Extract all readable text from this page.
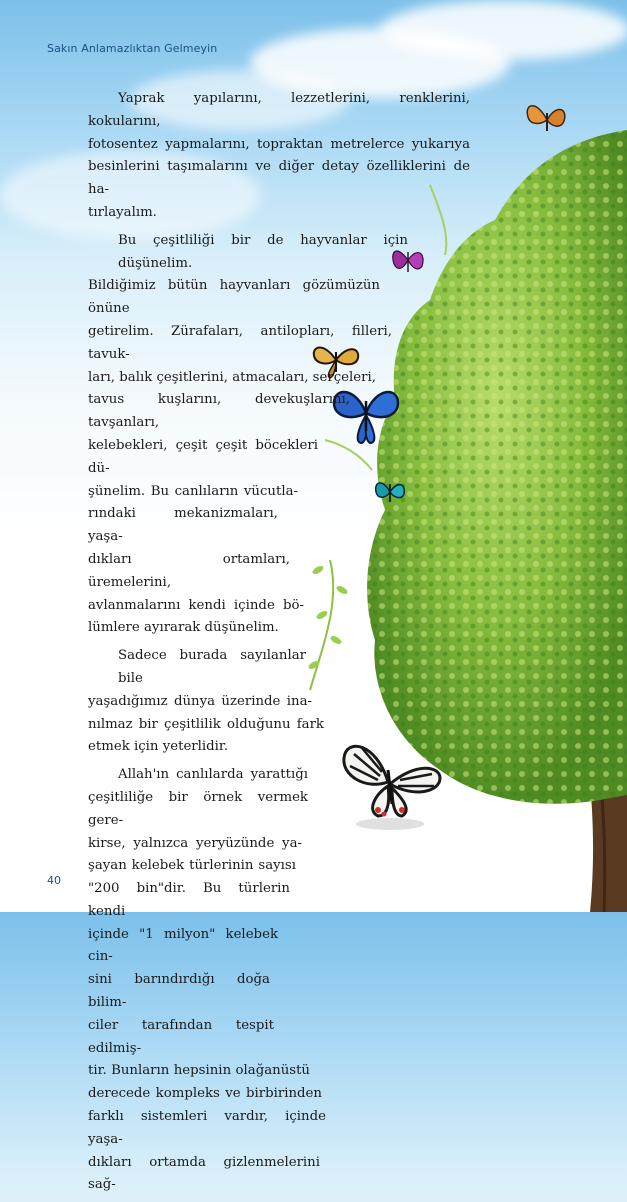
Sakın Anlamazlıktan Gelmeyin

Yaprak yapılarını, lezzetlerini, renklerini, kokularını,
fotosentez yapmalarını, topraktan metrelerce yukarıya
besinlerini taşımalarını ve diğer detay özelliklerini de ha-
tırlayalım.

Bu çeşitliliği bir de hayvanlar için düşünelim.
Bildiğimiz bütün hayvanları gözümüzün önüne
getirelim. Zürafaları, antilopları, filleri, tavuk-
ları, balık çeşitlerini, atmacaları, serçeleri,
tavus kuşlarını, devekuşlarını, tavşanları,
kelebekleri, çeşit çeşit böcekleri dü-
şünelim. Bu canlıların vücutla-
rındaki mekanizmaları, yaşa-
dıkları ortamları, üremelerini,
avlanmalarını kendi içinde bö-
lümlere ayırarak düşünelim.

Sadece burada sayılanlar bile
yaşadığımız dünya üzerinde ina-
nılmaz bir çeşitlilik olduğunu fark
etmek için yeterlidir.

Allah'ın canlılarda yarattığı
çeşitliliğe bir örnek vermek gere-
kirse, yalnızca yeryüzünde ya-
şayan kelebek türlerinin sayısı
"200 bin"dir. Bu türlerin kendi
içinde "1 milyon" kelebek cin-
sini barındırdığı doğa bilim-
ciler tarafından tespit edilmiş-
tir. Bunların hepsinin olağanüstü
derecede kompleks ve birbirinden
farklı sistemleri vardır, içinde yaşa-
dıkları ortamda gizlenmelerini sağ-

40
